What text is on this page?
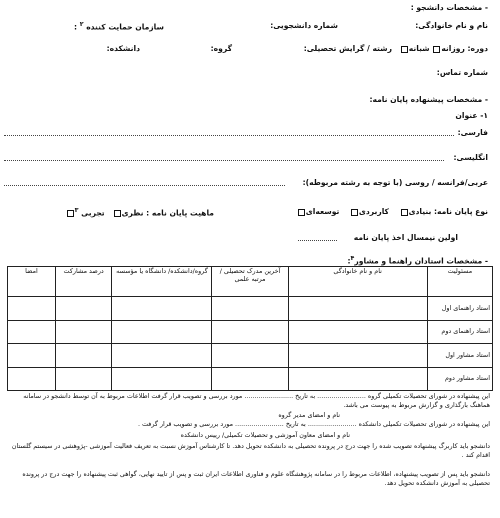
- مشخصات دانشجو :
نام و نام خانوادگی:
شماره دانشجویی:
سازمان حمایت کننده $^۲$ :
دوره: روزانه شبانه
رشته / گرایش تحصیلی:
گروه:
دانشکده:
شماره تماس:
- مشخصات پیشنهاده پایان نامه:
۱- عنوان
فارسی:
انگلیسی:
عربی/فرانسه / روسی (با توجه به رشته مربوطه):
نوع پایان نامه: بنیادی    کاربردی    توسعه‌ای
ماهیت پایان نامه : نظری   تجربی $^۳$
اولین نیمسال اخذ پایان نامه
- مشخصات استادان راهنما و مشاور$^۴$:
مسئولیت	نام و نام خانوادگی	آخرین مدرک تحصیلی /مرتبه علمی	گروه/دانشکده/ دانشگاه یا مؤسسه	درصد مشارکت	امضا
استاد راهنمای اول					
استاد راهنمای دوم					
استاد مشاور اول					
استاد مشاور دوم					
این پیشنهاده در شورای تحصیلات تکمیلی گروه ........................ به تاریخ ........................ مورد بررسی و تصویب قرار گرفت اطلاعات مربوط به آن توسط دانشجو در سامانه هماهنگ بارگذاری و گزارش مربوط به پیوست می باشد.
نام و امضای مدیر گروه
این پیشنهاده در شورای تحصیلات تکمیلی دانشکده ........................ به تاریخ ........................ مورد بررسی و تصویب قرار گرفت .
نام و امضای معاون آموزشی و تحصیلات تکمیلی/ رییس دانشکده
دانشجو باید کاربرگ پیشنهاده تصویب شده را جهت درج در پرونده تحصیلی به دانشکده تحویل دهد. تا کارشناس آموزش نسبت به تعریف فعالیت آموزشی -پژوهشی در سیستم گلستان اقدام کند .
دانشجو باید پس از تصویب پیشنهاده، اطلاعات مربوط را در سامانه پژوهشگاه علوم و فناوری اطلاعات ایران ثبت و پس از تایید نهایی، گواهی ثبت پیشنهاده را جهت درج در پرونده تحصیلی به آموزش دانشکده تحویل دهد.
